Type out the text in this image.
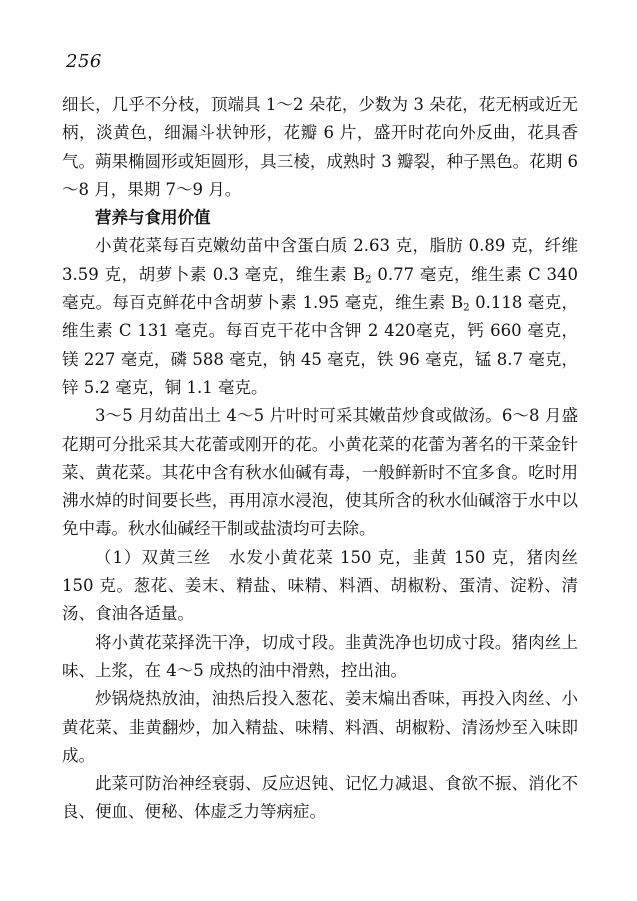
256

细长，几乎不分枝，顶端具 1～2 朵花，少数为 3 朵花，花无柄或近无柄，淡黄色，细漏斗状钟形，花瓣 6 片，盛开时花向外反曲，花具香气。蒴果椭圆形或矩圆形，具三棱，成熟时 3 瓣裂，种子黑色。花期 6～8 月，果期 7～9 月。

营养与食用价值

小黄花菜每百克嫩幼苗中含蛋白质 2.63 克，脂肪 0.89 克，纤维 3.59 克，胡萝卜素 0.3 毫克，维生素 $B_2$ 0.77 毫克，维生素 C 340 毫克。每百克鲜花中含胡萝卜素 1.95 毫克，维生素 $B_2$ 0.118 毫克，维生素 C 131 毫克。每百克干花中含钾 2 420毫克，钙 660 毫克，镁 227 毫克，磷 588 毫克，钠 45 毫克，铁 96 毫克，锰 8.7 毫克，锌 5.2 毫克，铜 1.1 毫克。

3～5 月幼苗出土 4～5 片叶时可采其嫩苗炒食或做汤。6～8 月盛花期可分批采其大花蕾或刚开的花。小黄花菜的花蕾为著名的干菜金针菜、黄花菜。其花中含有秋水仙碱有毒，一般鲜新时不宜多食。吃时用沸水焯的时间要长些，再用凉水浸泡，使其所含的秋水仙碱溶于水中以免中毒。秋水仙碱经干制或盐渍均可去除。

（1）双黄三丝　水发小黄花菜 150 克，韭黄 150 克，猪肉丝 150 克。葱花、姜末、精盐、味精、料酒、胡椒粉、蛋清、淀粉、清汤、食油各适量。

将小黄花菜择洗干净，切成寸段。韭黄洗净也切成寸段。猪肉丝上味、上浆，在 4～5 成热的油中滑熟，控出油。

炒锅烧热放油，油热后投入葱花、姜末煸出香味，再投入肉丝、小黄花菜、韭黄翻炒，加入精盐、味精、料酒、胡椒粉、清汤炒至入味即成。

此菜可防治神经衰弱、反应迟钝、记忆力减退、食欲不振、消化不良、便血、便秘、体虚乏力等病症。
